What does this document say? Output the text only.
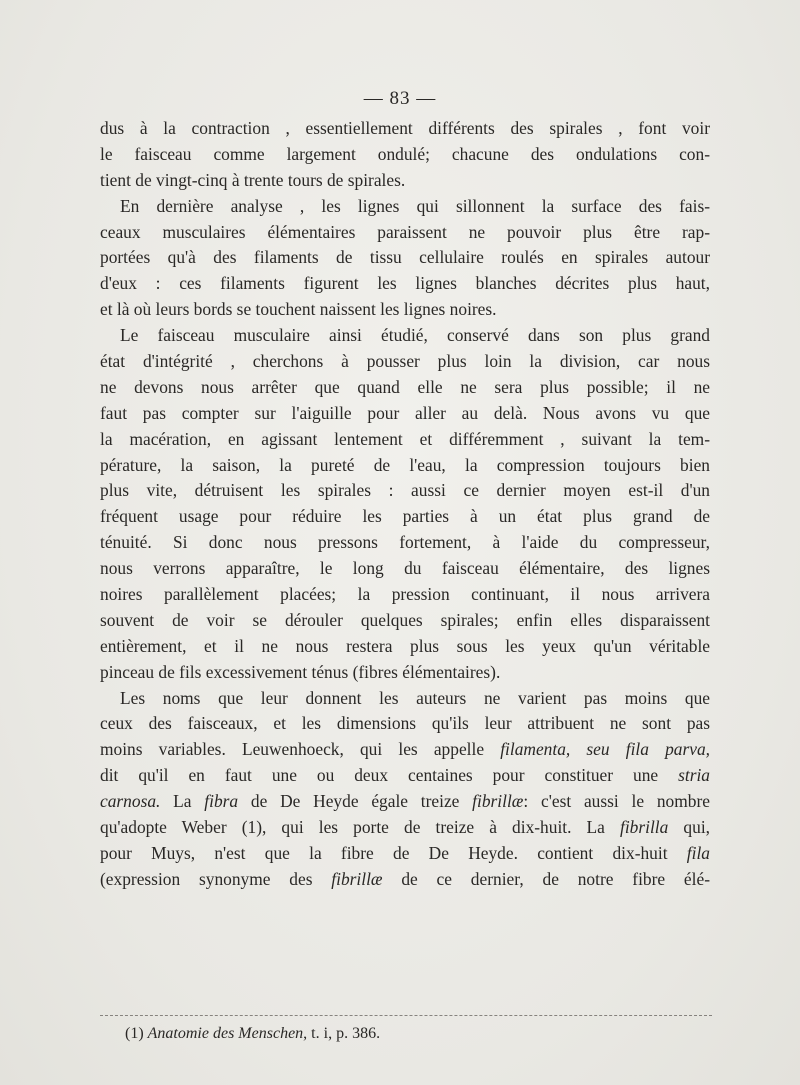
— 83 —

dus à la contraction , essentiellement différents des spirales , font voir
le faisceau comme largement ondulé; chacune des ondulations con-
tient de vingt-cinq à trente tours de spirales.

En dernière analyse , les lignes qui sillonnent la surface des fais-
ceaux musculaires élémentaires paraissent ne pouvoir plus être rap-
portées qu'à des filaments de tissu cellulaire roulés en spirales autour
d'eux : ces filaments figurent les lignes blanches décrites plus haut,
et là où leurs bords se touchent naissent les lignes noires.

Le faisceau musculaire ainsi étudié, conservé dans son plus grand
état d'intégrité , cherchons à pousser plus loin la division, car nous
ne devons nous arrêter que quand elle ne sera plus possible; il ne
faut pas compter sur l'aiguille pour aller au delà. Nous avons vu que
la macération, en agissant lentement et différemment , suivant la tem-
pérature, la saison, la pureté de l'eau, la compression toujours bien
plus vite, détruisent les spirales : aussi ce dernier moyen est-il d'un
fréquent usage pour réduire les parties à un état plus grand de
ténuité. Si donc nous pressons fortement, à l'aide du compresseur,
nous verrons apparaître, le long du faisceau élémentaire, des lignes
noires parallèlement placées; la pression continuant, il nous arrivera
souvent de voir se dérouler quelques spirales; enfin elles disparaissent
entièrement, et il ne nous restera plus sous les yeux qu'un véritable
pinceau de fils excessivement ténus (fibres élémentaires).

Les noms que leur donnent les auteurs ne varient pas moins que
ceux des faisceaux, et les dimensions qu'ils leur attribuent ne sont pas
moins variables. Leuwenhoeck, qui les appelle filamenta, seu fila parva,
dit qu'il en faut une ou deux centaines pour constituer une stria
carnosa. La fibra de De Heyde égale treize fibrillæ: c'est aussi le nombre
qu'adopte Weber (1), qui les porte de treize à dix-huit. La fibrilla qui,
pour Muys, n'est que la fibre de De Heyde. contient dix-huit fila
(expression synonyme des fibrillæ de ce dernier, de notre fibre élé-

(1) Anatomie des Menschen, t. i, p. 386.
